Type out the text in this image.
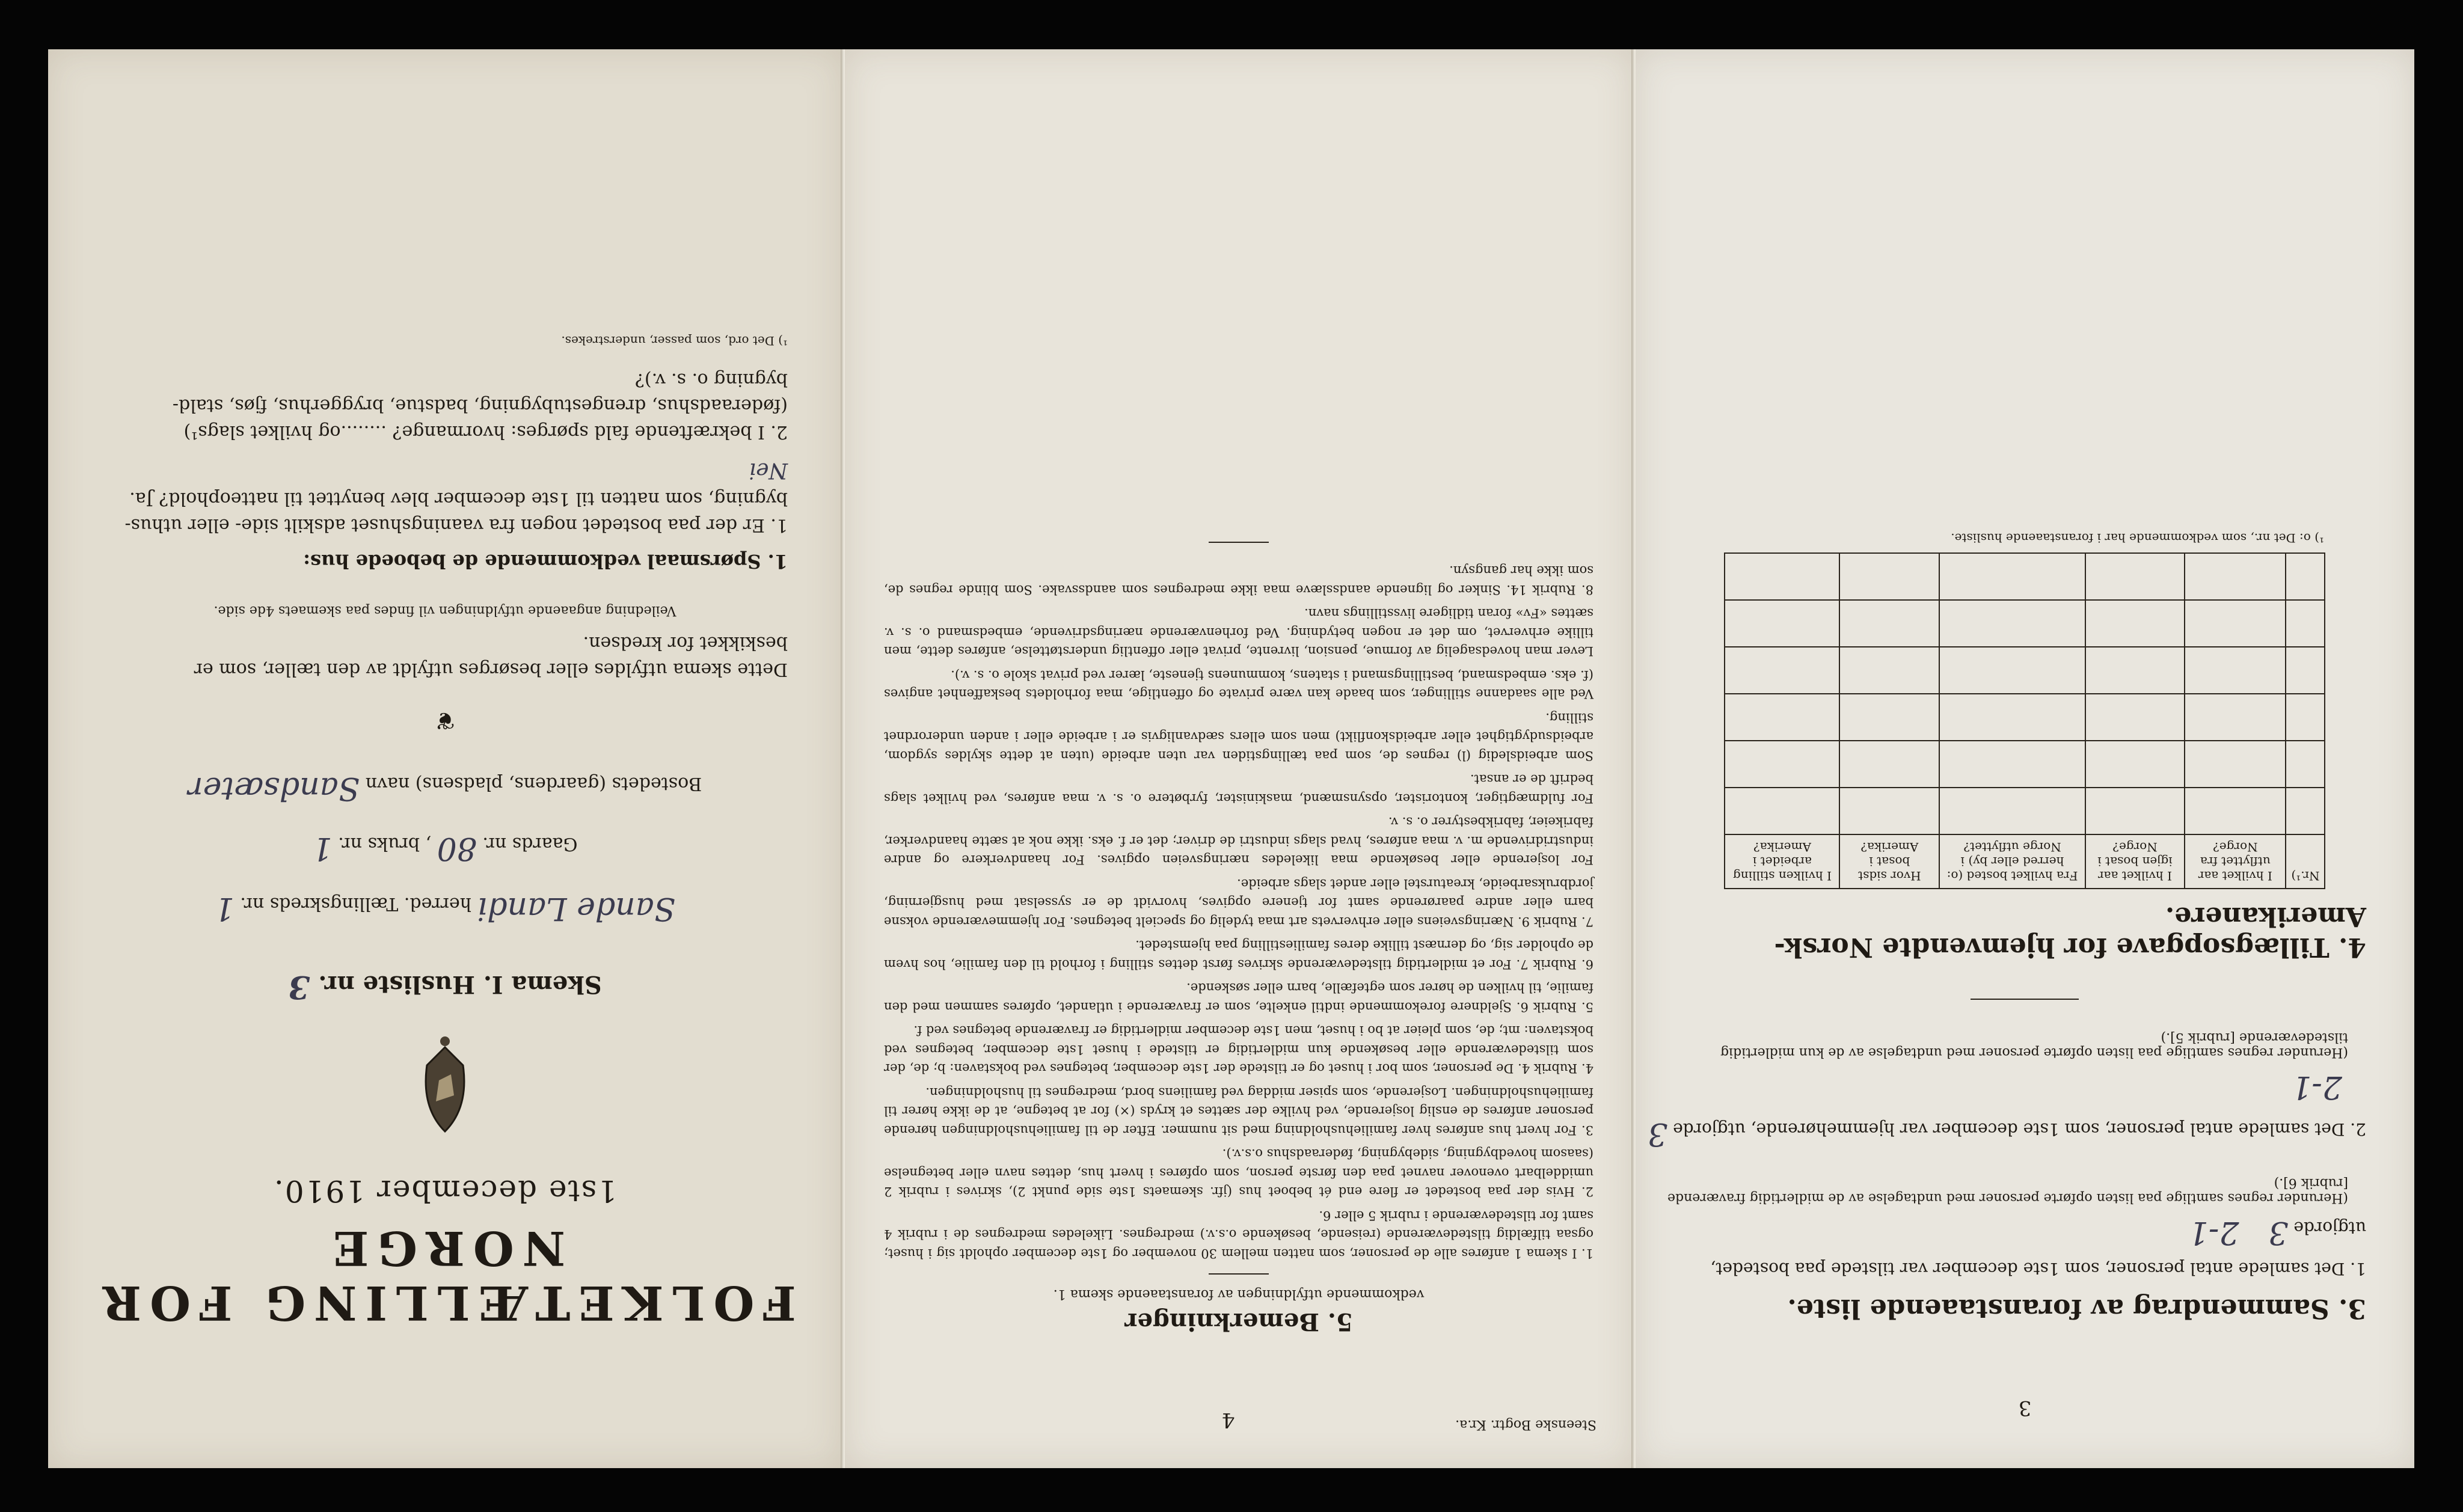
FOLKETÆLLING FOR NORGE
1ste december 1910.
Skema I. Husliste nr. 3
Sande Landi herred. Tællingskreds nr. 1
Gaards nr. 80 , bruks nr. 1
Bostedets (gaardens, pladsens) navn Sandsæter
❦
Dette skema utfyldes eller besørges utfyldt av den tæller, som er beskikket for kredsen.
Veiledning angaaende utfyldningen vil findes paa skemaets 4de side.
1. Spørsmaal vedkommende de beboede hus:
1. Er der paa bostedet nogen fra vaaningshuset adskilt side- eller uthus-bygning, som natten til 1ste december blev benyttet til natteophold? Ja. Nei
2. I bekræftende fald spørges: hvormange? ........og hvilket slags¹) (føderaadshus, drengestubygning, badstue, bryggerhus, fjøs, stald-bygning o. s. v.)?
¹) Det ord, som passer, understrekes.
Steenske Bogtr. Kr.a.
4
5. Bemerkninger
vedkommende utfyldningen av foranstaaende skema 1.

1. I skema 1 anføres alle de personer, som natten mellem 30 november og 1ste december opholdt sig i huset; ogsaa tilfældig tilstedeværende (reisende, besøkende o.s.v.) medregnes. Likeledes medregnes de i rubrik 4 samt for tilstedeværende i rubrik 5 eller 6.

2. Hvis der paa bostedet er flere end ét beboet hus (jfr. skemaets 1ste side punkt 2), skrives i rubrik 2 umiddelbart ovenover navnet paa den første person, som opføres i hvert hus, dettes navn eller betegnelse (saasom hovedbygning, sidebygning, føderaadshus o.s.v.).

3. For hvert hus anføres hver familiehusholdning med sit nummer. Efter de til familiehusholdningen hørende personer anføres de enslig losjerende, ved hvilke der sættes et kryds (×) for at betegne, at de ikke hører til familiehusholdningen. Losjerende, som spiser middag ved familiens bord, medregnes til husholdningen.

4. Rubrik 4. De personer, som bor i huset og er tilstede der 1ste december, betegnes ved bokstaven: b; de, der som tilstedeværende eller besøkende kun midlertidig er tilstede i huset 1ste december, betegnes ved bokstaven: mt; de, som pleier at bo i huset, men 1ste december midlertidig er fraværende betegnes ved f.

5. Rubrik 6. Sjeldnere forekommende indtil enkelte, som er fraværende i utlandet, opføres sammen med den familie, til hvilken de hører som egtefælle, barn eller søskende.

6. Rubrik 7. For et midlertidig tilstedeværende skrives først dettes stilling i forhold til den familie, hos hvem de opholder sig, og dernæst tillike deres familiestilling paa hjemstedet.

7. Rubrik 9. Næringsveiens eller erhvervets art maa tydelig og specielt betegnes. For hjemmeværende voksne barn eller andre paarørende samt for tjenere opgives, hvorvidt de er sysselsat med husgjerning, jordbruksarbeide, kreaturstel eller andet slags arbeide.

For losjerende eller besøkende maa likeledes næringsveien opgives. For haandverkere og andre industridrivende m. v. maa anføres, hvad slags industri de driver; det er f. eks. ikke nok at sætte haandverker, fabrikeier, fabrikbestyrer o. s. v.

For fuldmægtiger, kontorister, opsynsmænd, maskinister, fyrbøtere o. s. v. maa anføres, ved hvilket slags bedrift de er ansat.

Som arbeidsledig (l) regnes de, som paa tællingstiden var uten arbeide (uten at dette skyldes sygdom, arbeidsudygtighet eller arbeidskonflikt) men som ellers sædvanligvis er i arbeide eller i anden underordnet stilling.

Ved alle saadanne stillinger, som baade kan være private og offentlige, maa forholdets beskaffenhet angives (f. eks. embedsmand, bestillingsmand i statens, kommunens tjeneste, lærer ved privat skole o. s. v.).

Lever man hovedsagelig av formue, pension, livrente, privat eller offentlig understøttelse, anføres dette, men tillike erhvervet, om det er nogen betydning. Ved forhenværende næringsdrivende, embedsmand o. s. v. sættes «Fv» foran tidligere livsstillings navn.

8. Rubrik 14. Sinker og lignende aandsslæve maa ikke medregnes som aandssvake. Som blinde regnes de, som ikke har gangsyn.

3
3. Sammendrag av foranstaaende liste.
1. Det samlede antal personer, som 1ste december var tilstede paa bostedet, utgjorde 3 2-1
(Herunder regnes samtlige paa listen opførte personer med undtagelse av de midlertidig fraværende [rubrik 6].)
2. Det samlede antal personer, som 1ste december var hjemmehørende, utgjorde 3 2-1
(Herunder regnes samtlige paa listen opførte personer med undtagelse av de kun midlertidig tilstedeværende [rubrik 5].)
4. Tillægsopgave for hjemvendte Norsk-Amerikanere.
Nr.¹)	I hvilket aar utflyttet fra Norge?	I hvilket aar igjen bosat i Norge?	Fra hvilket bosted (o: herred eller by) i Norge utflyttet?	Hvor sidst bosat i Amerika?	I hvilken stilling arbeidet i Amerika?

¹) o: Det nr., som vedkommende har i foranstaaende husliste.
